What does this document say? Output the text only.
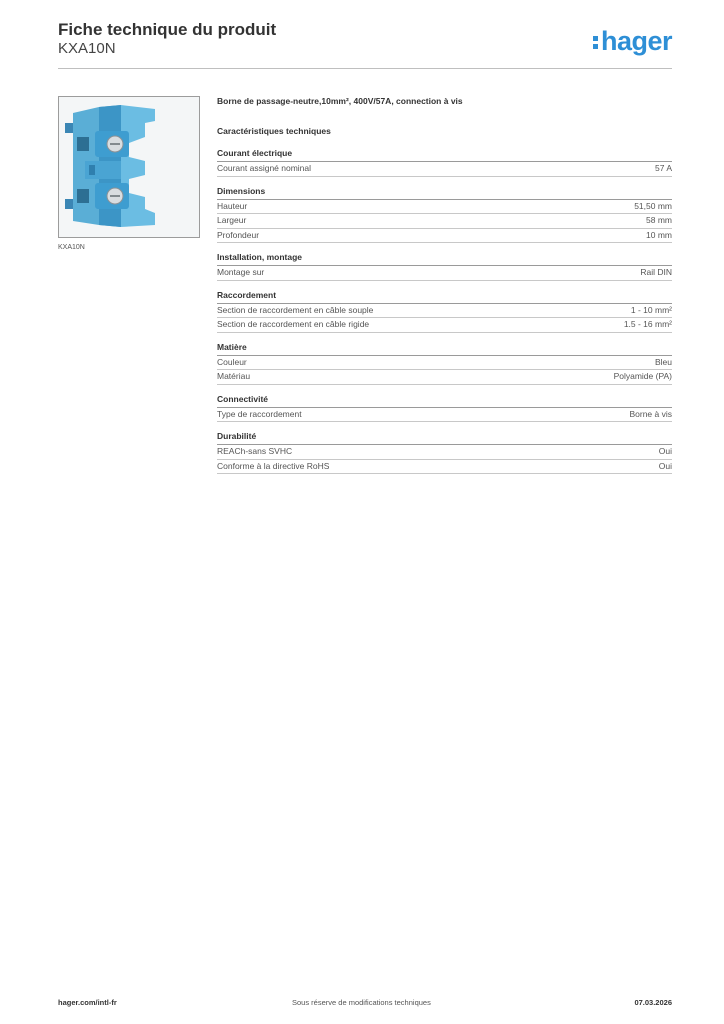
Fiche technique du produit
KXA10N	hager
KXA10N
Borne de passage-neutre,10mm², 400V/57A, connection à vis
Caractéristiques techniques
Courant électrique
Courant assigné nominal	57 A
Dimensions
Hauteur	51,50 mm
Largeur	58 mm
Profondeur	10 mm
Installation, montage
Montage sur	Rail DIN
Raccordement
Section de raccordement en câble souple	1 - 10 mm²
Section de raccordement en câble rigide	1.5 - 16 mm²
Matière
Couleur	Bleu
Matériau	Polyamide (PA)
Connectivité
Type de raccordement	Borne à vis
Durabilité
REACh-sans SVHC	Oui
Conforme à la directive RoHS	Oui
hager.com/intl-fr	Sous réserve de modifications techniques	07.03.2026
